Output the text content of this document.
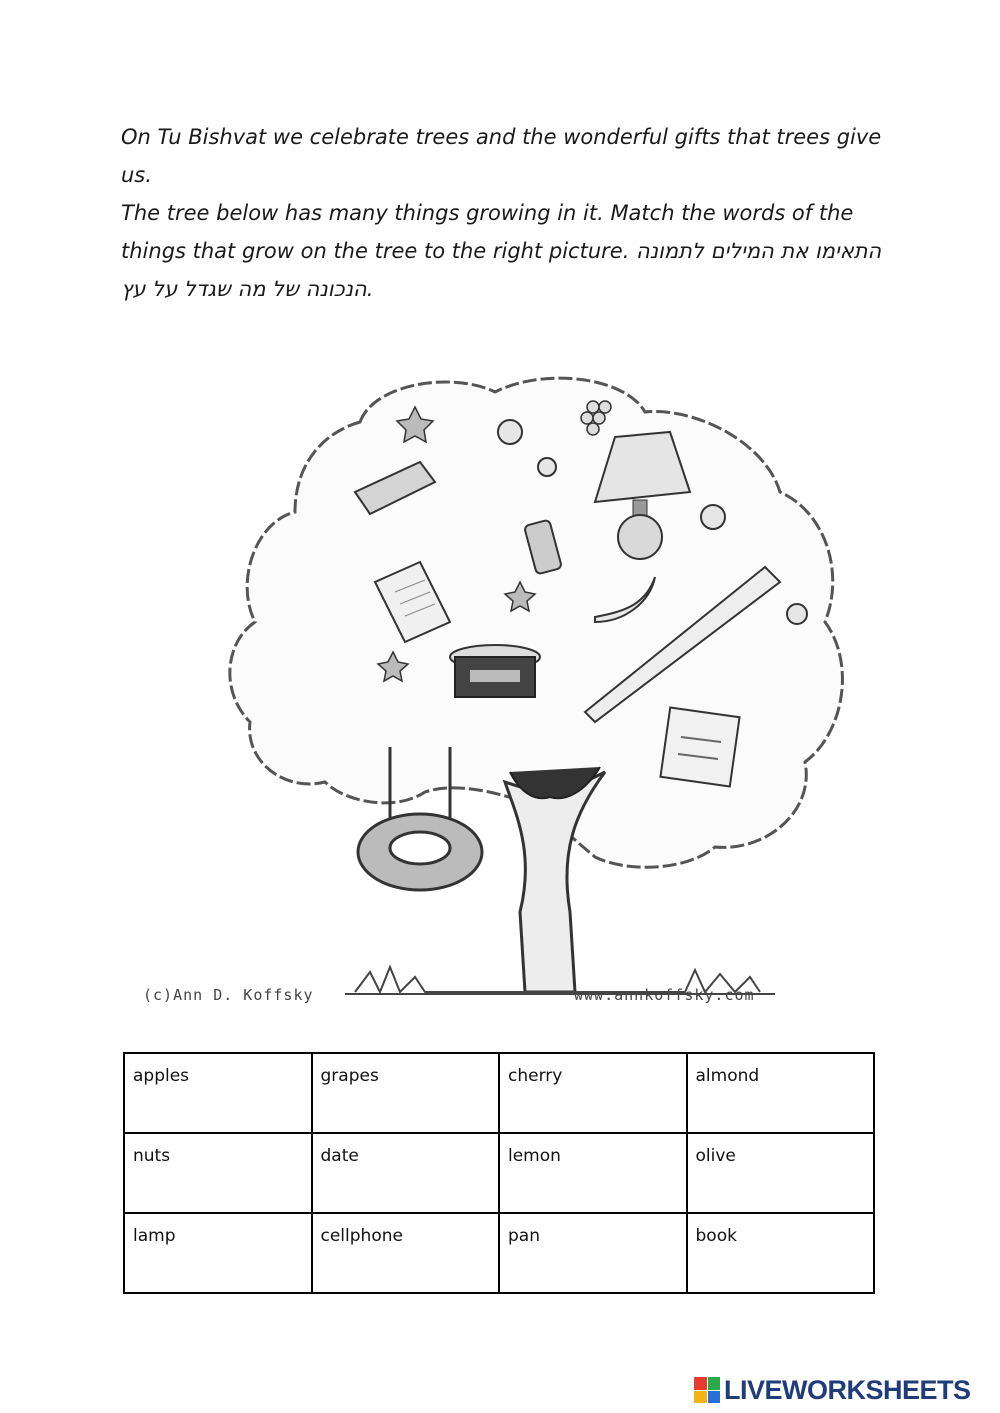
On Tu Bishvat we celebrate trees and the wonderful gifts that trees give us.

The tree below has many things growing in it. Match the words of the things that grow on the tree to the right picture. התאימו את המילים לתמונה הנכונה של מה שגדל על עץ.

(c)Ann D. Koffsky	www.annkoffsky.com
apples	grapes	cherry	almond
nuts	date	lemon	olive
lamp	cellphone	pan	book
LIVEWORKSHEETS
